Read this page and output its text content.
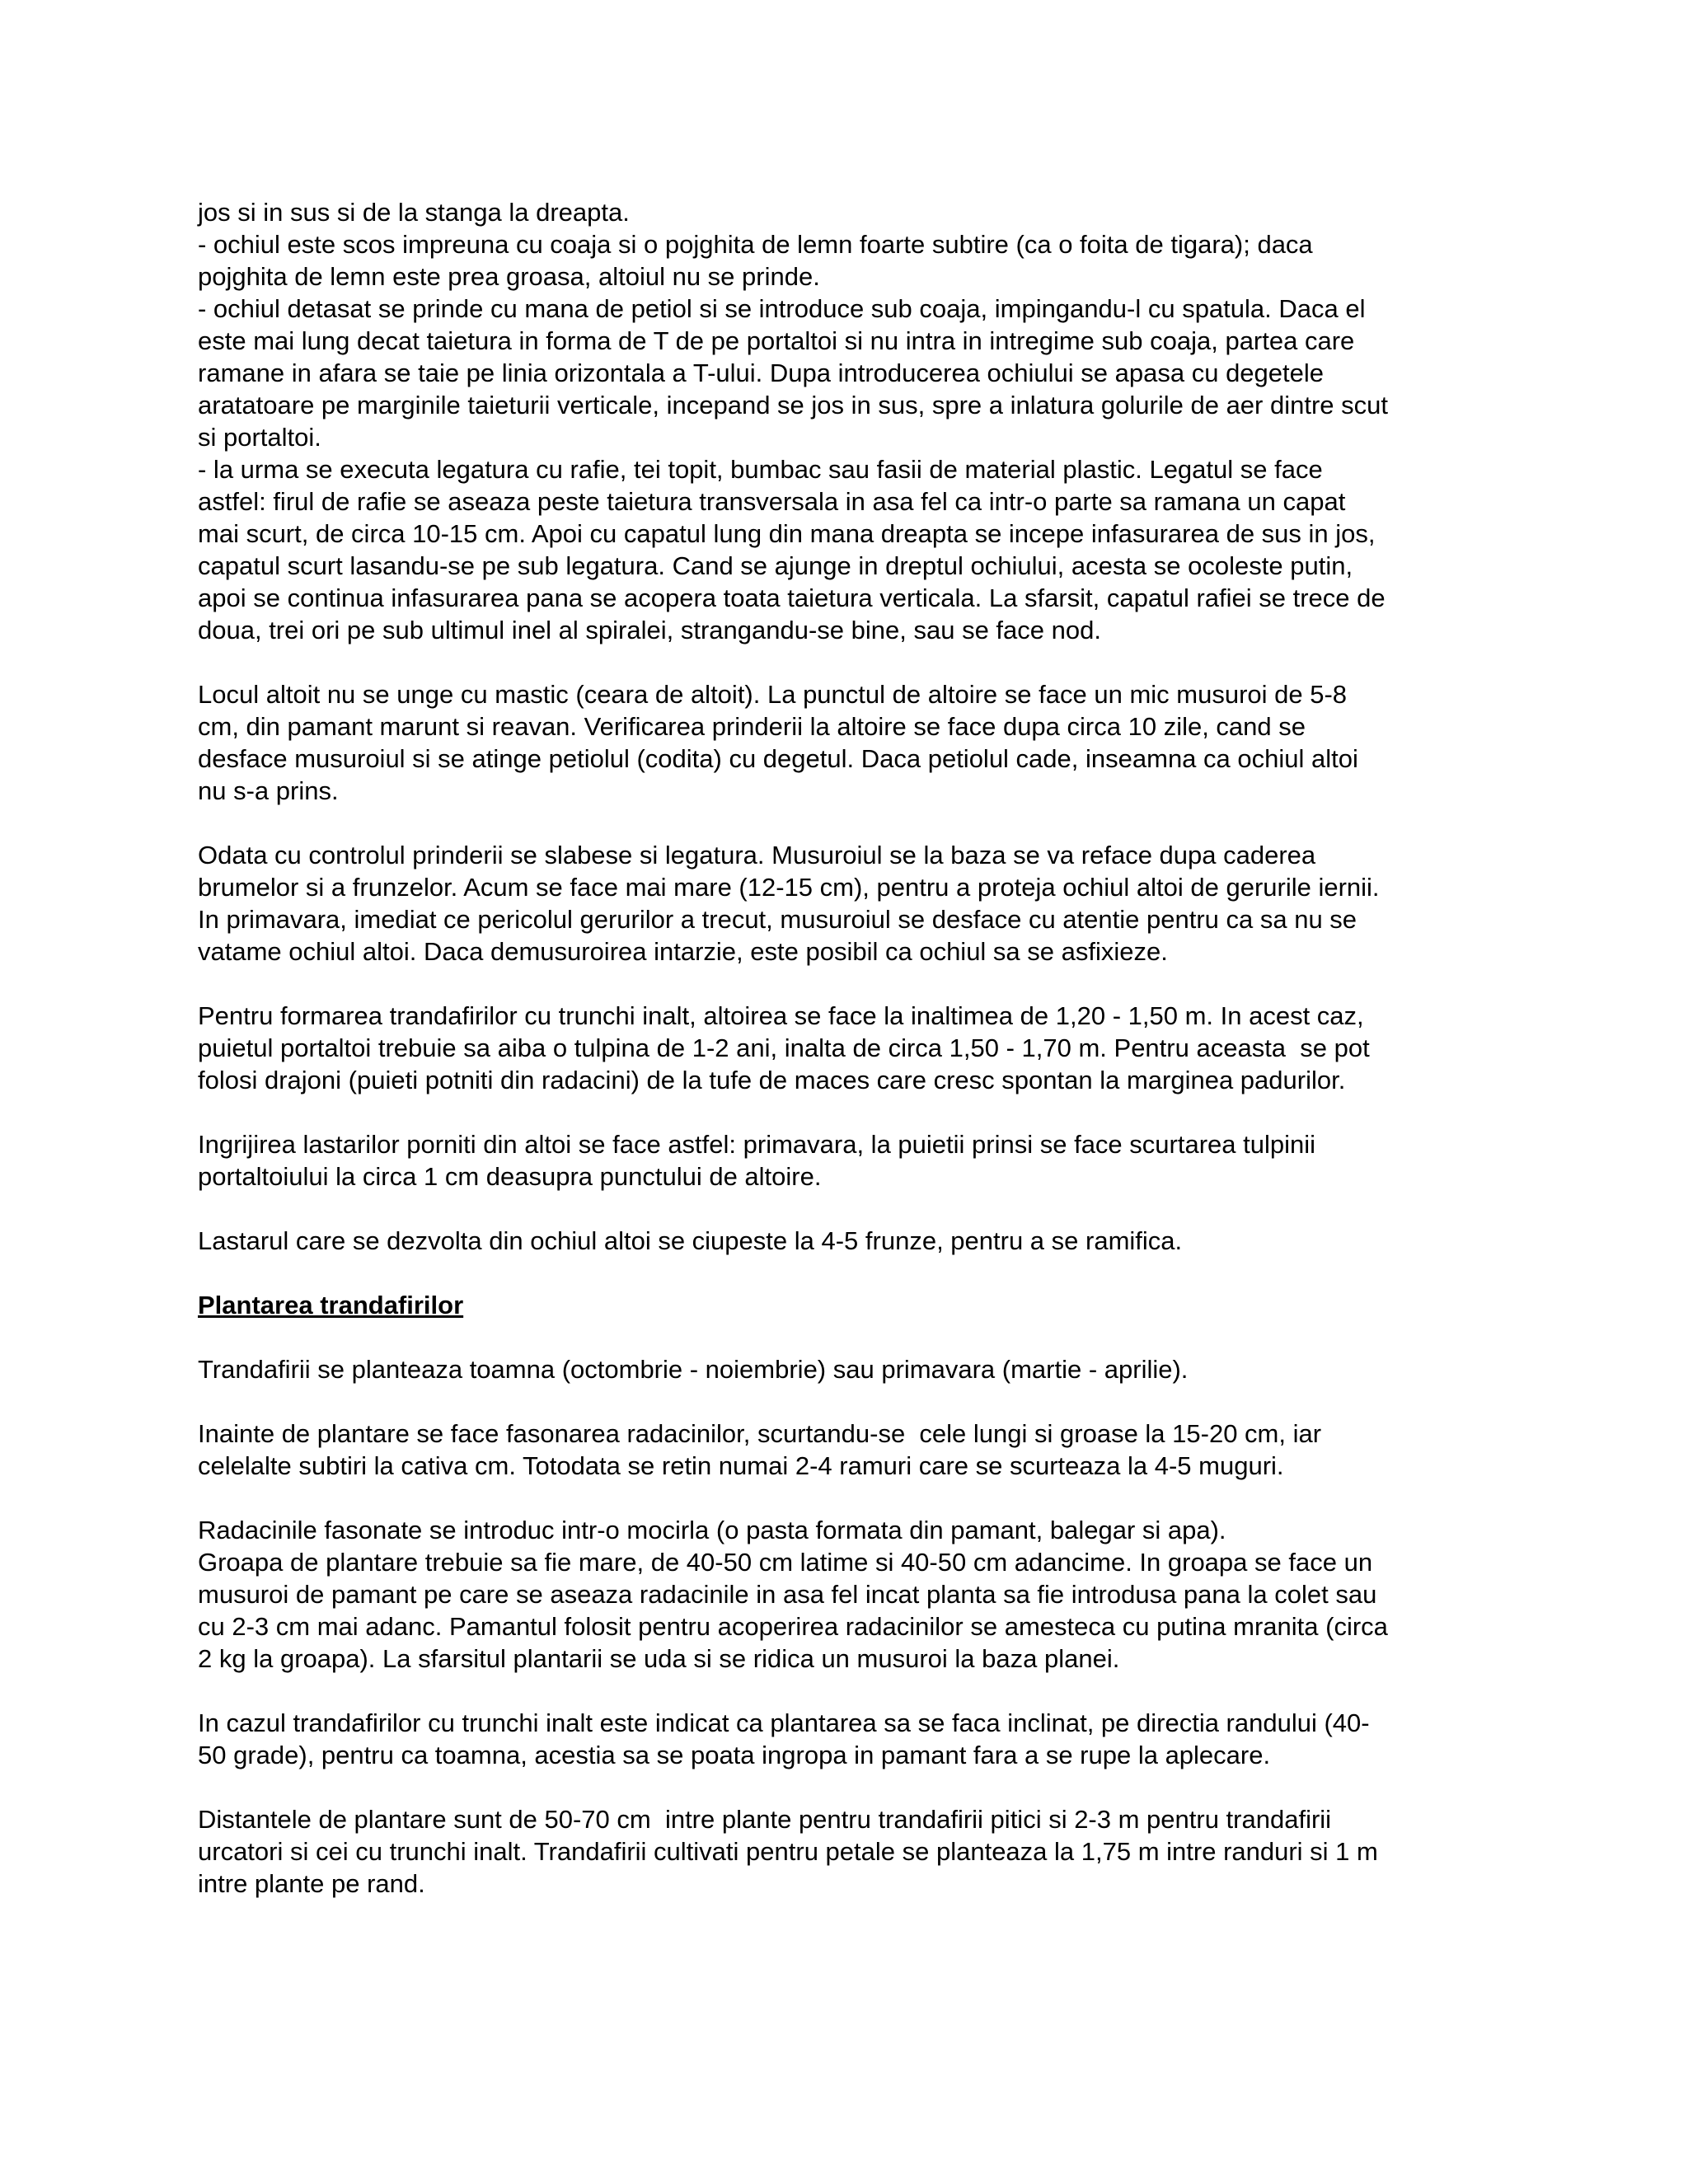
jos si in sus si de la stanga la dreapta.
- ochiul este scos impreuna cu coaja si o pojghita de lemn foarte subtire (ca o foita de tigara); daca
pojghita de lemn este prea groasa, altoiul nu se prinde.
- ochiul detasat se prinde cu mana de petiol si se introduce sub coaja, impingandu-l cu spatula. Daca el
este mai lung decat taietura in forma de T de pe portaltoi si nu intra in intregime sub coaja, partea care
ramane in afara se taie pe linia orizontala a T-ului. Dupa introducerea ochiului se apasa cu degetele
aratatoare pe marginile taieturii verticale, incepand se jos in sus, spre a inlatura golurile de aer dintre scut
si portaltoi.
- la urma se executa legatura cu rafie, tei topit, bumbac sau fasii de material plastic. Legatul se face
astfel: firul de rafie se aseaza peste taietura transversala in asa fel ca intr-o parte sa ramana un capat
mai scurt, de circa 10-15 cm. Apoi cu capatul lung din mana dreapta se incepe infasurarea de sus in jos,
capatul scurt lasandu-se pe sub legatura. Cand se ajunge in dreptul ochiului, acesta se ocoleste putin,
apoi se continua infasurarea pana se acopera toata taietura verticala. La sfarsit, capatul rafiei se trece de
doua, trei ori pe sub ultimul inel al spiralei, strangandu-se bine, sau se face nod.

Locul altoit nu se unge cu mastic (ceara de altoit). La punctul de altoire se face un mic musuroi de 5-8
cm, din pamant marunt si reavan. Verificarea prinderii la altoire se face dupa circa 10 zile, cand se
desface musuroiul si se atinge petiolul (codita) cu degetul. Daca petiolul cade, inseamna ca ochiul altoi
nu s-a prins.

Odata cu controlul prinderii se slabese si legatura. Musuroiul se la baza se va reface dupa caderea
brumelor si a frunzelor. Acum se face mai mare (12-15 cm), pentru a proteja ochiul altoi de gerurile iernii.
In primavara, imediat ce pericolul gerurilor a trecut, musuroiul se desface cu atentie pentru ca sa nu se
vatame ochiul altoi. Daca demusuroirea intarzie, este posibil ca ochiul sa se asfixieze.

Pentru formarea trandafirilor cu trunchi inalt, altoirea se face la inaltimea de 1,20 - 1,50 m. In acest caz,
puietul portaltoi trebuie sa aiba o tulpina de 1-2 ani, inalta de circa 1,50 - 1,70 m. Pentru aceasta  se pot
folosi drajoni (puieti potniti din radacini) de la tufe de maces care cresc spontan la marginea padurilor.

Ingrijirea lastarilor porniti din altoi se face astfel: primavara, la puietii prinsi se face scurtarea tulpinii
portaltoiului la circa 1 cm deasupra punctului de altoire.

Lastarul care se dezvolta din ochiul altoi se ciupeste la 4-5 frunze, pentru a se ramifica.

Plantarea trandafirilor

Trandafirii se planteaza toamna (octombrie - noiembrie) sau primavara (martie - aprilie).

Inainte de plantare se face fasonarea radacinilor, scurtandu-se  cele lungi si groase la 15-20 cm, iar
celelalte subtiri la cativa cm. Totodata se retin numai 2-4 ramuri care se scurteaza la 4-5 muguri.

Radacinile fasonate se introduc intr-o mocirla (o pasta formata din pamant, balegar si apa).
Groapa de plantare trebuie sa fie mare, de 40-50 cm latime si 40-50 cm adancime. In groapa se face un
musuroi de pamant pe care se aseaza radacinile in asa fel incat planta sa fie introdusa pana la colet sau
cu 2-3 cm mai adanc. Pamantul folosit pentru acoperirea radacinilor se amesteca cu putina mranita (circa
2 kg la groapa). La sfarsitul plantarii se uda si se ridica un musuroi la baza planei.

In cazul trandafirilor cu trunchi inalt este indicat ca plantarea sa se faca inclinat, pe directia randului (40-
50 grade), pentru ca toamna, acestia sa se poata ingropa in pamant fara a se rupe la aplecare.

Distantele de plantare sunt de 50-70 cm  intre plante pentru trandafirii pitici si 2-3 m pentru trandafirii
urcatori si cei cu trunchi inalt. Trandafirii cultivati pentru petale se planteaza la 1,75 m intre randuri si 1 m
intre plante pe rand.
